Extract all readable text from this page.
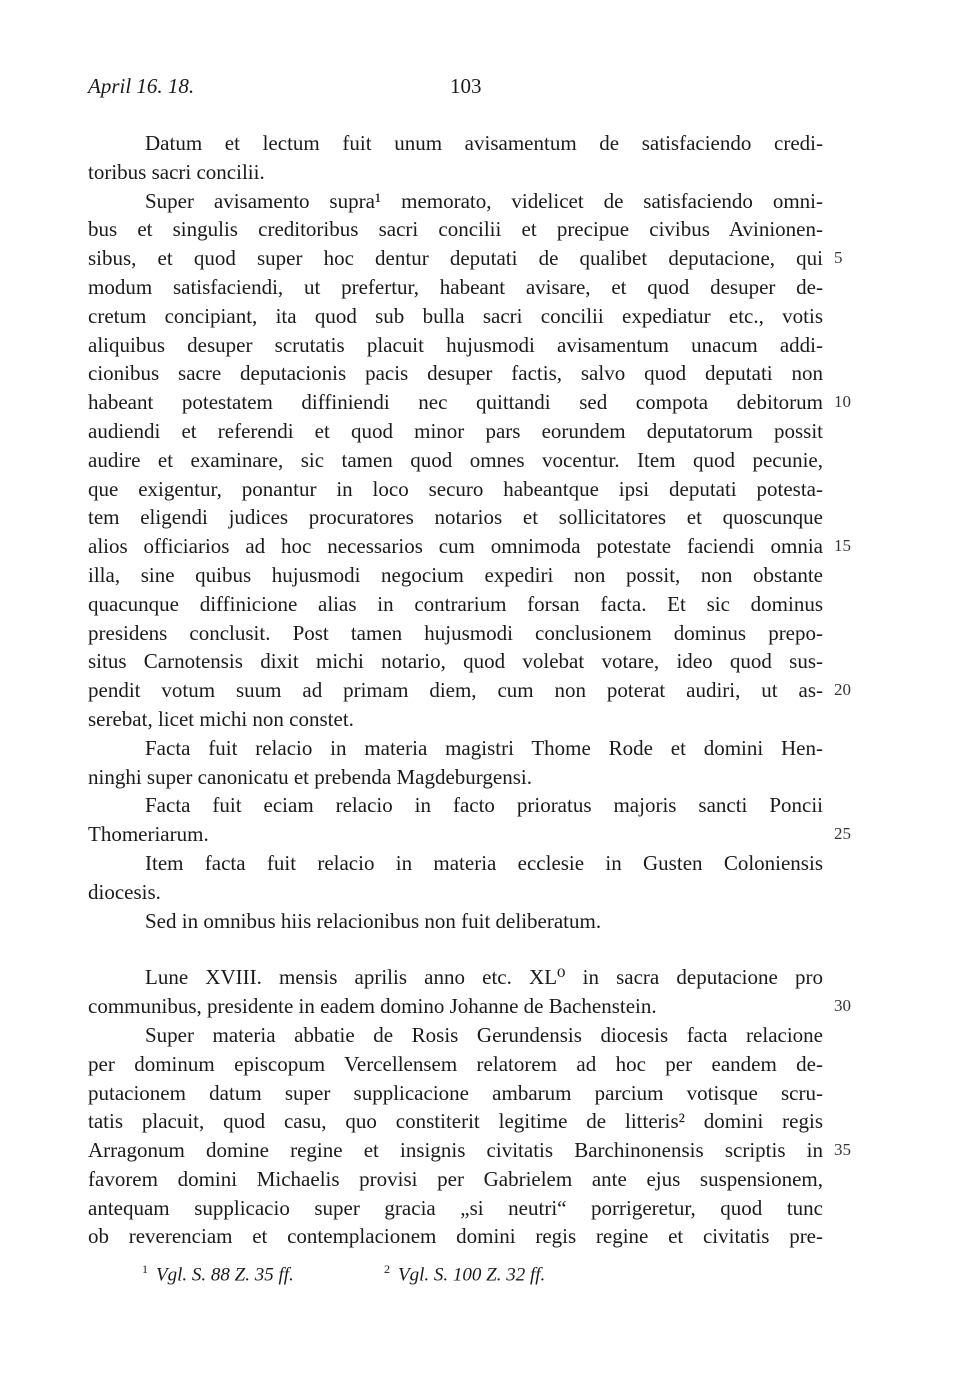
April 16. 18.	103
Datum et lectum fuit unum avisamentum de satisfaciendo credi-
toribus sacri concilii.
Super avisamento supra¹ memorato, videlicet de satisfaciendo omni-
bus et singulis creditoribus sacri concilii et precipue civibus Avinionen-
sibus, et quod super hoc dentur deputati de qualibet deputacione, qui 5
modum satisfaciendi, ut prefertur, habeant avisare, et quod desuper de-
cretum concipiant, ita quod sub bulla sacri concilii expediatur etc., votis
aliquibus desuper scrutatis placuit hujusmodi avisamentum unacum addi-
cionibus sacre deputacionis pacis desuper factis, salvo quod deputati non
habeant potestatem diffiniendi nec quittandi sed compota debitorum 10
audiendi et referendi et quod minor pars eorundem deputatorum possit
audire et examinare, sic tamen quod omnes vocentur. Item quod pecunie,
que exigentur, ponantur in loco securo habeantque ipsi deputati potesta-
tem eligendi judices procuratores notarios et sollicitatores et quoscunque
alios officiarios ad hoc necessarios cum omnimoda potestate faciendi omnia 15
illa, sine quibus hujusmodi negocium expediri non possit, non obstante
quacunque diffinicione alias in contrarium forsan facta. Et sic dominus
presidens conclusit. Post tamen hujusmodi conclusionem dominus prepo-
situs Carnotensis dixit michi notario, quod volebat votare, ideo quod sus-
pendit votum suum ad primam diem, cum non poterat audiri, ut as- 20
serebat, licet michi non constet.
Facta fuit relacio in materia magistri Thome Rode et domini Hen-
ninghi super canonicatu et prebenda Magdeburgensi.
Facta fuit eciam relacio in facto prioratus majoris sancti Poncii
Thomeriarum.	25
Item facta fuit relacio in materia ecclesie in Gusten Coloniensis
diocesis.
Sed in omnibus hiis relacionibus non fuit deliberatum.
Lune XVIII. mensis aprilis anno etc. XL⁰ in sacra deputacione pro
communibus, presidente in eadem domino Johanne de Bachenstein.	30
Super materia abbatie de Rosis Gerundensis diocesis facta relacione
per dominum episcopum Vercellensem relatorem ad hoc per eandem de-
putacionem datum super supplicacione ambarum parcium votisque scru-
tatis placuit, quod casu, quo constiterit legitime de litteris² domini regis
Arragonum domine regine et insignis civitatis Barchinonensis scriptis in 35
favorem domini Michaelis provisi per Gabrielem ante ejus suspensionem,
antequam supplicacio super gracia „si neutri“ porrigeretur, quod tunc
ob reverenciam et contemplacionem domini regis regine et civitatis pre-
$^1$ Vgl. S. 88 Z. 35 ff.	$^2$ Vgl. S. 100 Z. 32 ff.
